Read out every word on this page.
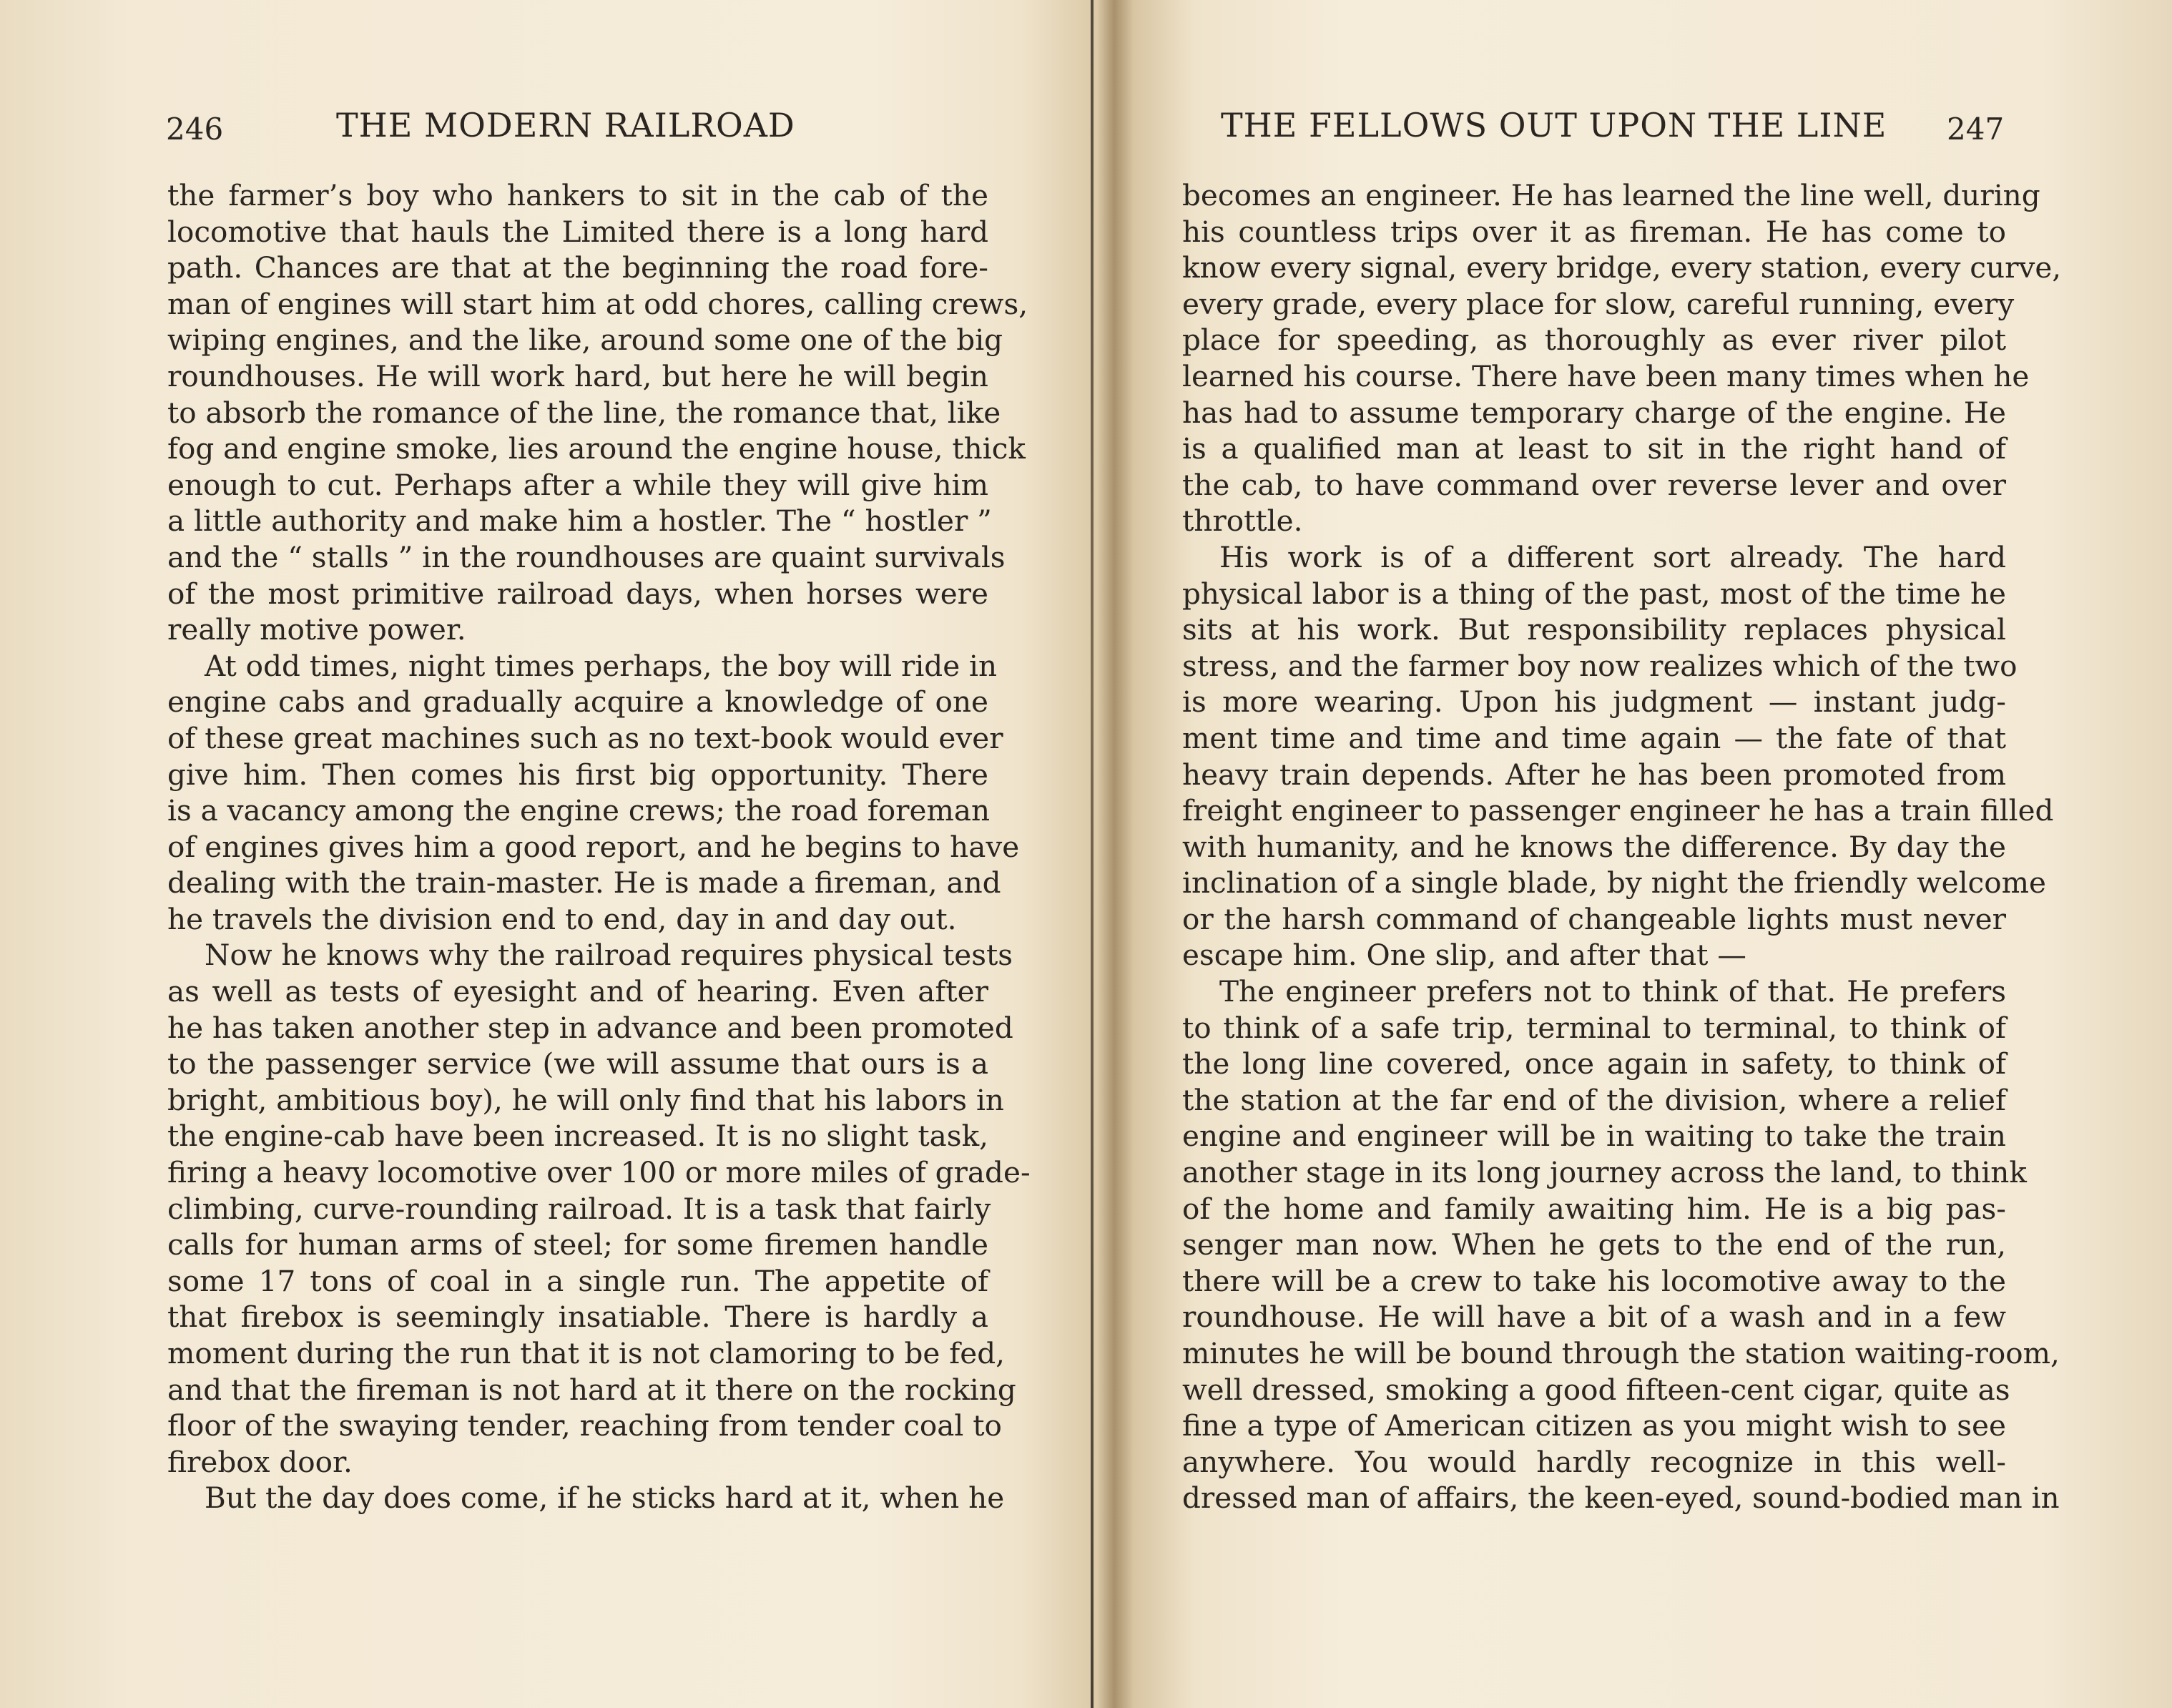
246	THE MODERN RAILROAD
the farmer’s boy who hankers to sit in the cab of the
locomotive that hauls the Limited there is a long hard
path. Chances are that at the beginning the road fore-
man of engines will start him at odd chores, calling crews,
wiping engines, and the like, around some one of the big
roundhouses. He will work hard, but here he will begin
to absorb the romance of the line, the romance that, like
fog and engine smoke, lies around the engine house, thick
enough to cut. Perhaps after a while they will give him
a little authority and make him a hostler. The “ hostler ”
and the “ stalls ” in the roundhouses are quaint survivals
of the most primitive railroad days, when horses were
really motive power.
At odd times, night times perhaps, the boy will ride in
engine cabs and gradually acquire a knowledge of one
of these great machines such as no text-book would ever
give him. Then comes his first big opportunity. There
is a vacancy among the engine crews; the road foreman
of engines gives him a good report, and he begins to have
dealing with the train-master. He is made a fireman, and
he travels the division end to end, day in and day out.
Now he knows why the railroad requires physical tests
as well as tests of eyesight and of hearing. Even after
he has taken another step in advance and been promoted
to the passenger service (we will assume that ours is a
bright, ambitious boy), he will only find that his labors in
the engine-cab have been increased. It is no slight task,
firing a heavy locomotive over 100 or more miles of grade-
climbing, curve-rounding railroad. It is a task that fairly
calls for human arms of steel; for some firemen handle
some 17 tons of coal in a single run. The appetite of
that firebox is seemingly insatiable. There is hardly a
moment during the run that it is not clamoring to be fed,
and that the fireman is not hard at it there on the rocking
floor of the swaying tender, reaching from tender coal to
firebox door.
But the day does come, if he sticks hard at it, when he
THE FELLOWS OUT UPON THE LINE 247
becomes an engineer. He has learned the line well, during
his countless trips over it as fireman. He has come to
know every signal, every bridge, every station, every curve,
every grade, every place for slow, careful running, every
place for speeding, as thoroughly as ever river pilot
learned his course. There have been many times when he
has had to assume temporary charge of the engine. He
is a qualified man at least to sit in the right hand of
the cab, to have command over reverse lever and over
throttle.
His work is of a different sort already. The hard
physical labor is a thing of the past, most of the time he
sits at his work. But responsibility replaces physical
stress, and the farmer boy now realizes which of the two
is more wearing. Upon his judgment — instant judg-
ment time and time and time again — the fate of that
heavy train depends. After he has been promoted from
freight engineer to passenger engineer he has a train filled
with humanity, and he knows the difference. By day the
inclination of a single blade, by night the friendly welcome
or the harsh command of changeable lights must never
escape him. One slip, and after that —
The engineer prefers not to think of that. He prefers
to think of a safe trip, terminal to terminal, to think of
the long line covered, once again in safety, to think of
the station at the far end of the division, where a relief
engine and engineer will be in waiting to take the train
another stage in its long journey across the land, to think
of the home and family awaiting him. He is a big pas-
senger man now. When he gets to the end of the run,
there will be a crew to take his locomotive away to the
roundhouse. He will have a bit of a wash and in a few
minutes he will be bound through the station waiting-room,
well dressed, smoking a good fifteen-cent cigar, quite as
fine a type of American citizen as you might wish to see
anywhere. You would hardly recognize in this well-
dressed man of affairs, the keen-eyed, sound-bodied man in
